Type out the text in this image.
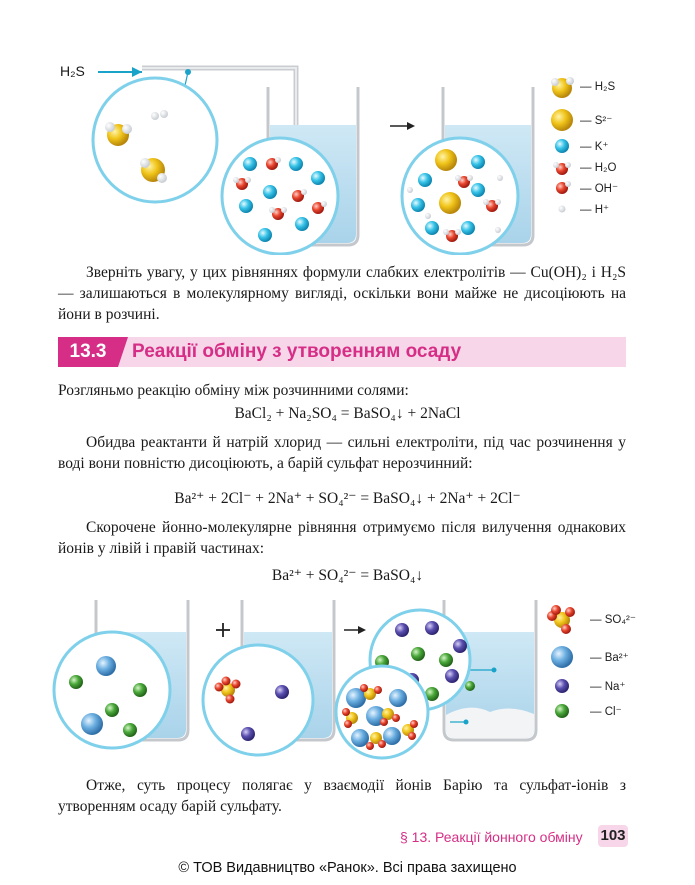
H₂S
— H₂S
— S²⁻
— K⁺
— H₂O
— OH⁻
— H⁺
Зверніть увагу, у цих рівняннях формули слабких електролітів — Cu(OH)₂ і H₂S — залишаються в молекулярному вигляді, оскільки вони майже не дисоціюють на йони в розчині.
13.3	Реакції обміну з утворенням осаду
Розгляньмо реакцію обміну між розчинними солями:
BaCl₂ + Na₂SO₄ = BaSO₄↓ + 2NaCl
Обидва реактанти й натрій хлорид — сильні електроліти, під час розчинення у воді вони повністю дисоціюють, а барій сульфат нерозчинний:
Ba²⁺ + 2Cl⁻ + 2Na⁺ + SO₄²⁻ = BaSO₄↓ + 2Na⁺ + 2Cl⁻
Скорочене йонно-молекулярне рівняння отримуємо після вилучення однакових йонів у лівій і правій частинах:
Ba²⁺ + SO₄²⁻ = BaSO₄↓
— SO₄²⁻
— Ba²⁺
— Na⁺
— Cl⁻
Отже, суть процесу полягає у взаємодії йонів Барію та сульфат-іонів з утворенням осаду барій сульфату.
§ 13. Реакції йонного обміну 103
© ТОВ Видавництво «Ранок». Всі права захищено
